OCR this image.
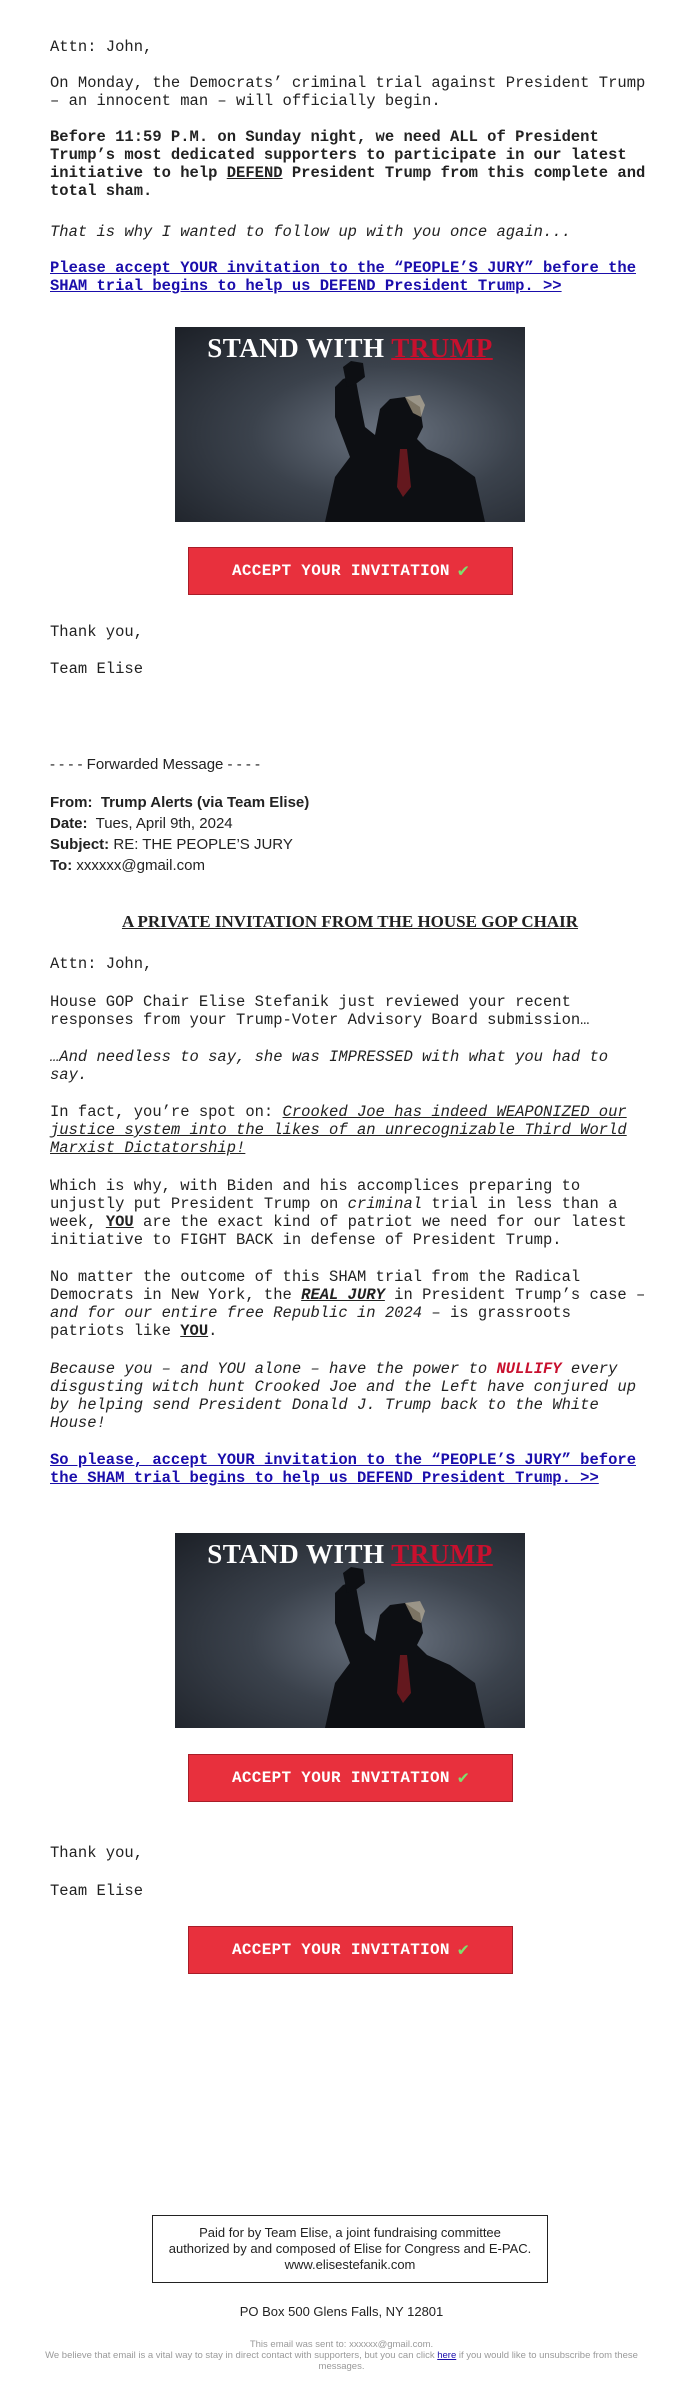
Attn: John,

On Monday, the Democrats’ criminal trial against President Trump – an innocent man – will officially begin.

Before 11:59 P.M. on Sunday night, we need ALL of President Trump’s most dedicated supporters to participate in our latest initiative to help DEFEND President Trump from this complete and total sham.

That is why I wanted to follow up with you once again...

Please accept YOUR invitation to the “PEOPLE’S JURY” before the SHAM trial begins to help us DEFEND President Trump. >>

STAND WITH TRUMP
ACCEPT YOUR INVITATION ✔

Thank you,

Team Elise

- - - - Forwarded Message - - - -
From: Trump Alerts (via Team Elise)
Date: Tues, April 9th, 2024
Subject: RE: THE PEOPLE’S JURY
To: xxxxxx@gmail.com
A PRIVATE INVITATION FROM THE HOUSE GOP CHAIR

Attn: John,

House GOP Chair Elise Stefanik just reviewed your recent responses from your Trump-Voter Advisory Board submission…

…And needless to say, she was IMPRESSED with what you had to say.

In fact, you’re spot on: Crooked Joe has indeed WEAPONIZED our justice system into the likes of an unrecognizable Third World Marxist Dictatorship!

Which is why, with Biden and his accomplices preparing to unjustly put President Trump on criminal trial in less than a week, YOU are the exact kind of patriot we need for our latest initiative to FIGHT BACK in defense of President Trump.

No matter the outcome of this SHAM trial from the Radical Democrats in New York, the REAL JURY in President Trump’s case – and for our entire free Republic in 2024 – is grassroots patriots like YOU.

Because you – and YOU alone – have the power to NULLIFY every disgusting witch hunt Crooked Joe and the Left have conjured up by helping send President Donald J. Trump back to the White House!

So please, accept YOUR invitation to the “PEOPLE’S JURY” before the SHAM trial begins to help us DEFEND President Trump. >>

STAND WITH TRUMP
ACCEPT YOUR INVITATION ✔

Thank you,

Team Elise

ACCEPT YOUR INVITATION ✔
Paid for by Team Elise, a joint fundraising committee authorized by and composed of Elise for Congress and E-PAC. www.elisestefanik.com
PO Box 500 Glens Falls, NY 12801
This email was sent to: xxxxxx@gmail.com.
We believe that email is a vital way to stay in direct contact with supporters, but you can click here if you would like to unsubscribe from these messages.
